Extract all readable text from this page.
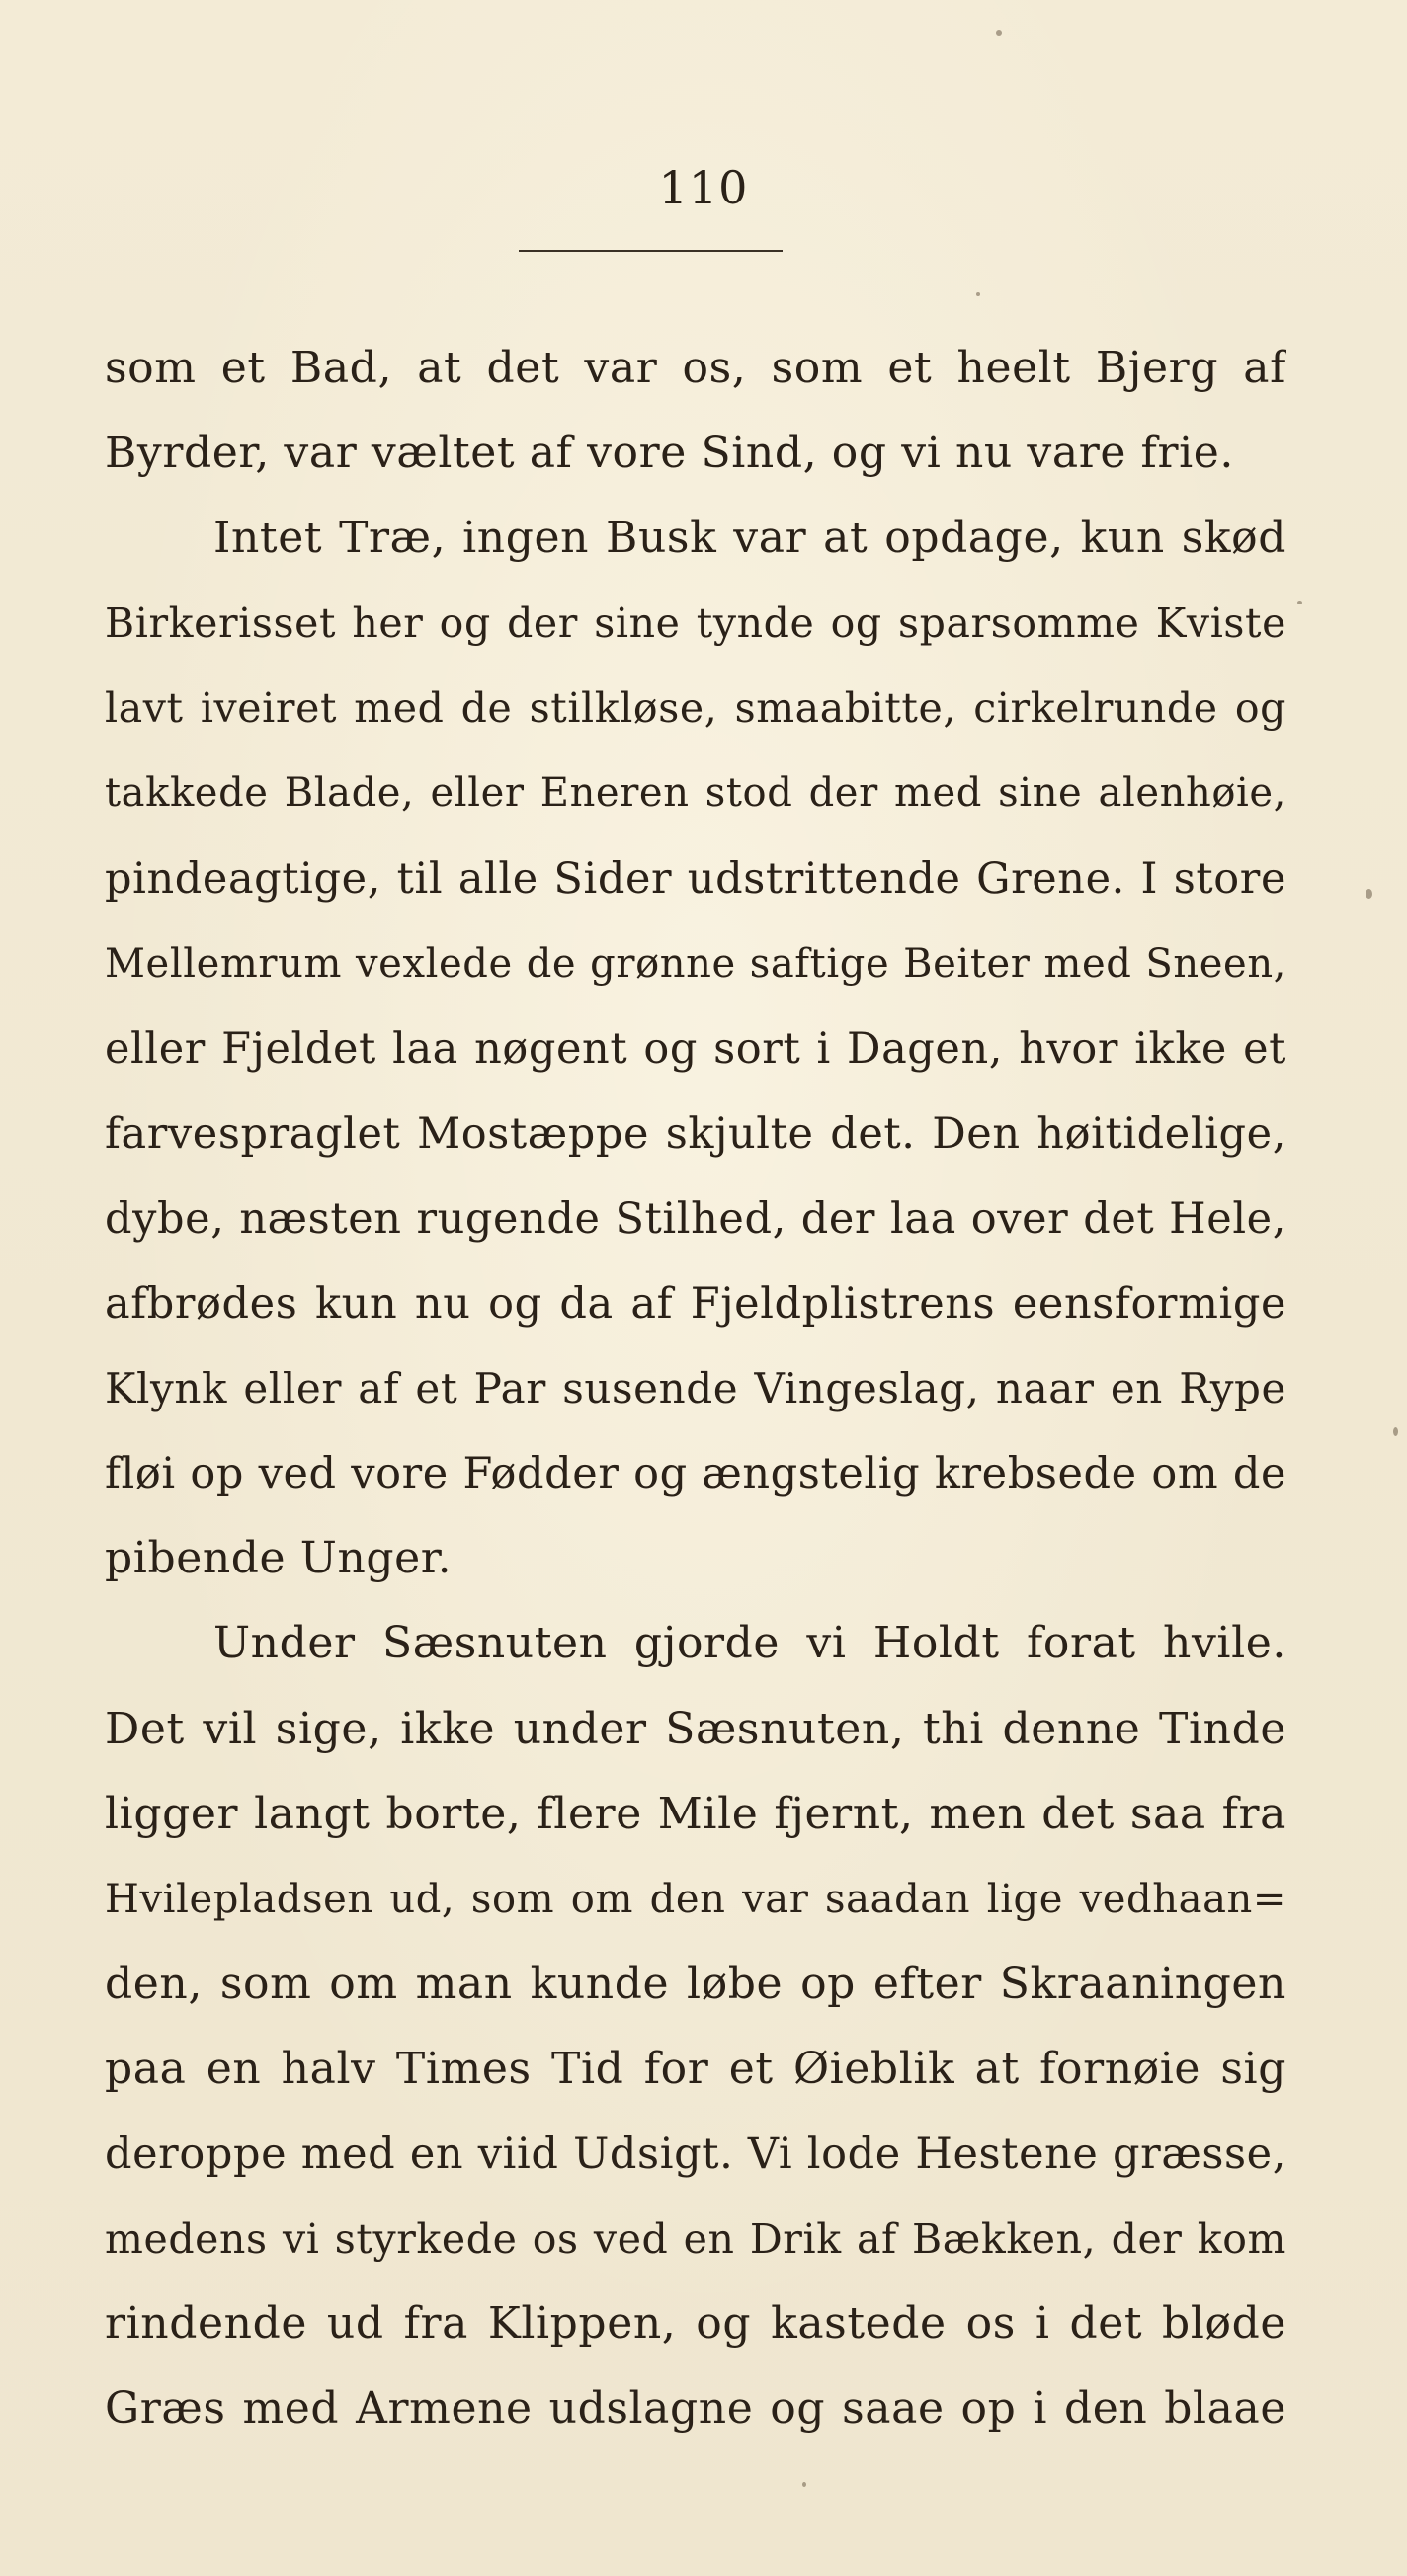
110
som et Bad, at det var os, som et heelt Bjerg af
Byrder, var væltet af vore Sind, og vi nu vare frie.
Intet Træ, ingen Busk var at opdage, kun skød
Birkerisset her og der sine tynde og sparsomme Kviste
lavt iveiret med de stilkløse, smaabitte, cirkelrunde og
takkede Blade, eller Eneren stod der med sine alenhøie,
pindeagtige, til alle Sider udstrittende Grene. I store
Mellemrum vexlede de grønne saftige Beiter med Sneen,
eller Fjeldet laa nøgent og sort i Dagen, hvor ikke et
farvespraglet Mostæppe skjulte det. Den høitidelige,
dybe, næsten rugende Stilhed, der laa over det Hele,
afbrødes kun nu og da af Fjeldplistrens eensformige
Klynk eller af et Par susende Vingeslag, naar en Rype
fløi op ved vore Fødder og ængstelig krebsede om de
pibende Unger.
Under Sæsnuten gjorde vi Holdt forat hvile.
Det vil sige, ikke under Sæsnuten, thi denne Tinde
ligger langt borte, flere Mile fjernt, men det saa fra
Hvilepladsen ud, som om den var saadan lige vedhaan=
den, som om man kunde løbe op efter Skraaningen
paa en halv Times Tid for et Øieblik at fornøie sig
deroppe med en viid Udsigt. Vi lode Hestene græsse,
medens vi styrkede os ved en Drik af Bækken, der kom
rindende ud fra Klippen, og kastede os i det bløde
Græs med Armene udslagne og saae op i den blaae
